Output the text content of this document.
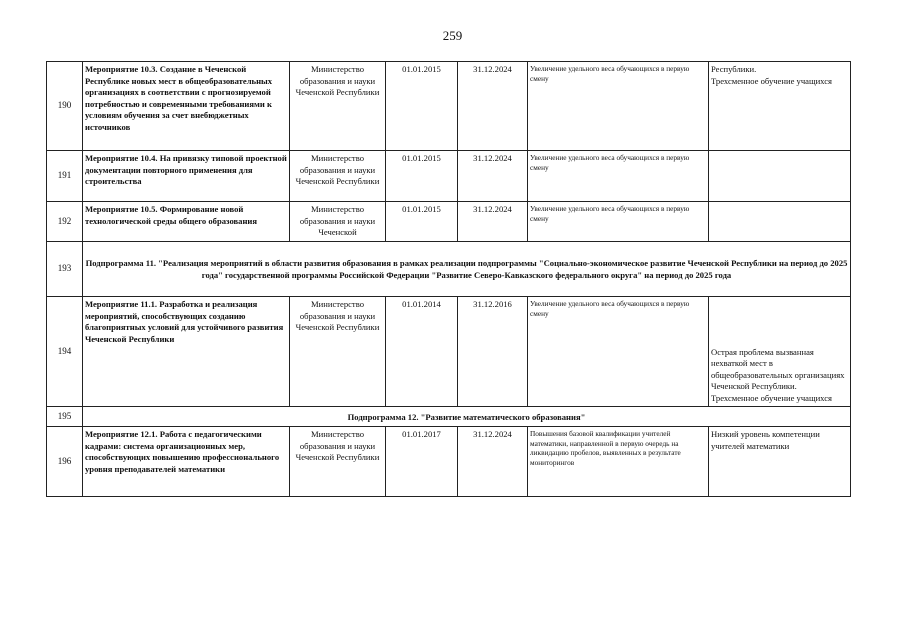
259
190	Мероприятие 10.3. Создание в Чеченской Республике новых мест в общеобразовательных организациях в соответствии с прогнозируемой потребностью и современными требованиями к условиям обучения за счет внебюджетных источников	Министерство образования и науки Чеченской Республики	01.01.2015	31.12.2024	Увеличение удельного веса обучающихся в первую смену	Республики.
Трехсменное обучение учащихся

191	Мероприятие 10.4. На привязку типовой проектной документации повторного применения для строительства	Министерство образования и науки Чеченской Республики	01.01.2015	31.12.2024	Увеличение удельного веса обучающихся в первую смену	
192	Мероприятие 10.5. Формирование новой технологической среды общего образования	Министерство образования и науки Чеченской	01.01.2015	31.12.2024	Увеличение удельного веса обучающихся в первую смену	
193	Подпрограмма 11. "Реализация мероприятий в области развития образования в рамках реализации подпрограммы "Социально-экономическое развитие Чеченской Республики на период до 2025 года" государственной программы Российской Федерации "Развитие Северо-Кавказского федерального округа" на период до 2025 года					
194	Мероприятие 11.1. Разработка и реализация мероприятий, способствующих созданию благоприятных условий для устойчивого развития Чеченской Республики	Министерство образования и науки Чеченской Республики	01.01.2014	31.12.2016	Увеличение удельного веса обучающихся в первую смену	Острая проблема вызванная нехваткой мест в общеобразовательных организациях Чеченской Республики.
Трехсменное обучение учащихся

195	Подпрограмма 12. "Развитие математического образования"					
196	Мероприятие 12.1. Работа с педагогическими кадрами: система организационных мер, способствующих повышению профессионального уровня преподавателей математики	Министерство образования и науки Чеченской Республики	01.01.2017	31.12.2024	Повышения базовой квалификации учителей математики, направленной в первую очередь на ликвидацию пробелов, выявленных в результате мониторингов	Низкий уровень компетенции учителей математики
